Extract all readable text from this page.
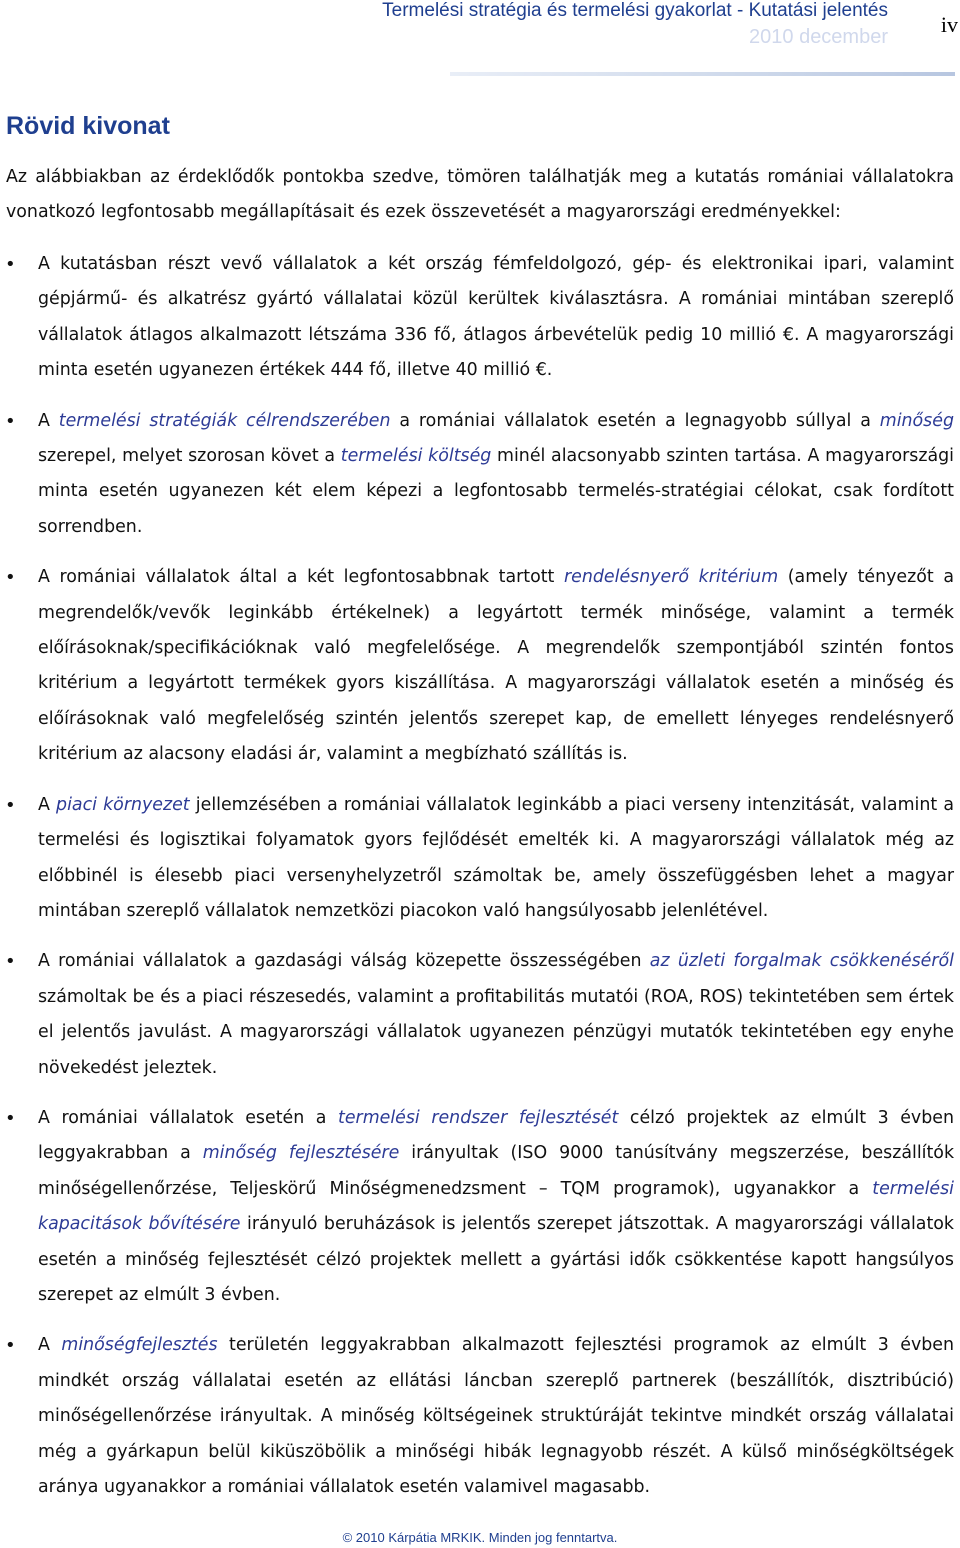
Termelési stratégia és termelési gyakorlat - Kutatási jelentés
2010 december iv
Rövid kivonat

Az alábbiakban az érdeklődők pontokba szedve, tömören találhatják meg a kutatás romániai vállalatokra vonatkozó legfontosabb megállapításait és ezek összevetését a magyarországi eredményekkel:

• A kutatásban részt vevő vállalatok a két ország fémfeldolgozó, gép- és elektronikai ipari, valamint gépjármű- és alkatrész gyártó vállalatai közül kerültek kiválasztásra. A romániai mintában szereplő vállalatok átlagos alkalmazott létszáma 336 fő, átlagos árbevételük pedig 10 millió €. A magyarországi minta esetén ugyanezen értékek 444 fő, illetve 40 millió €.
• A termelési stratégiák célrendszerében a romániai vállalatok esetén a legnagyobb súllyal a minőség szerepel, melyet szorosan követ a termelési költség minél alacsonyabb szinten tartása. A magyarországi minta esetén ugyanezen két elem képezi a legfontosabb termelés-stratégiai célokat, csak fordított sorrendben.
• A romániai vállalatok által a két legfontosabbnak tartott rendelésnyerő kritérium (amely tényezőt a megrendelők/vevők leginkább értékelnek) a legyártott termék minősége, valamint a termék előírásoknak/specifikációknak való megfelelősége. A megrendelők szempontjából szintén fontos kritérium a legyártott termékek gyors kiszállítása. A magyarországi vállalatok esetén a minőség és előírásoknak való megfelelőség szintén jelentős szerepet kap, de emellett lényeges rendelésnyerő kritérium az alacsony eladási ár, valamint a megbízható szállítás is.
• A piaci környezet jellemzésében a romániai vállalatok leginkább a piaci verseny intenzitását, valamint a termelési és logisztikai folyamatok gyors fejlődését emelték ki. A magyarországi vállalatok még az előbbinél is élesebb piaci versenyhelyzetről számoltak be, amely összefüggésben lehet a magyar mintában szereplő vállalatok nemzetközi piacokon való hangsúlyosabb jelenlétével.
• A romániai vállalatok a gazdasági válság közepette összességében az üzleti forgalmak csökkenéséről számoltak be és a piaci részesedés, valamint a profitabilitás mutatói (ROA, ROS) tekintetében sem értek el jelentős javulást. A magyarországi vállalatok ugyanezen pénzügyi mutatók tekintetében egy enyhe növekedést jeleztek.
• A romániai vállalatok esetén a termelési rendszer fejlesztését célzó projektek az elmúlt 3 évben leggyakrabban a minőség fejlesztésére irányultak (ISO 9000 tanúsítvány megszerzése, beszállítók minőségellenőrzése, Teljeskörű Minőségmenedzsment – TQM programok), ugyanakkor a termelési kapacitások bővítésére irányuló beruházások is jelentős szerepet játszottak. A magyarországi vállalatok esetén a minőség fejlesztését célzó projektek mellett a gyártási idők csökkentése kapott hangsúlyos szerepet az elmúlt 3 évben.
• A minőségfejlesztés területén leggyakrabban alkalmazott fejlesztési programok az elmúlt 3 évben mindkét ország vállalatai esetén az ellátási láncban szereplő partnerek (beszállítók, disztribúció) minőségellenőrzése irányultak. A minőség költségeinek struktúráját tekintve mindkét ország vállalatai még a gyárkapun belül kiküszöbölik a minőségi hibák legnagyobb részét. A külső minőségköltségek aránya ugyanakkor a romániai vállalatok esetén valamivel magasabb.
© 2010 Kárpátia MRKIK. Minden jog fenntartva.
